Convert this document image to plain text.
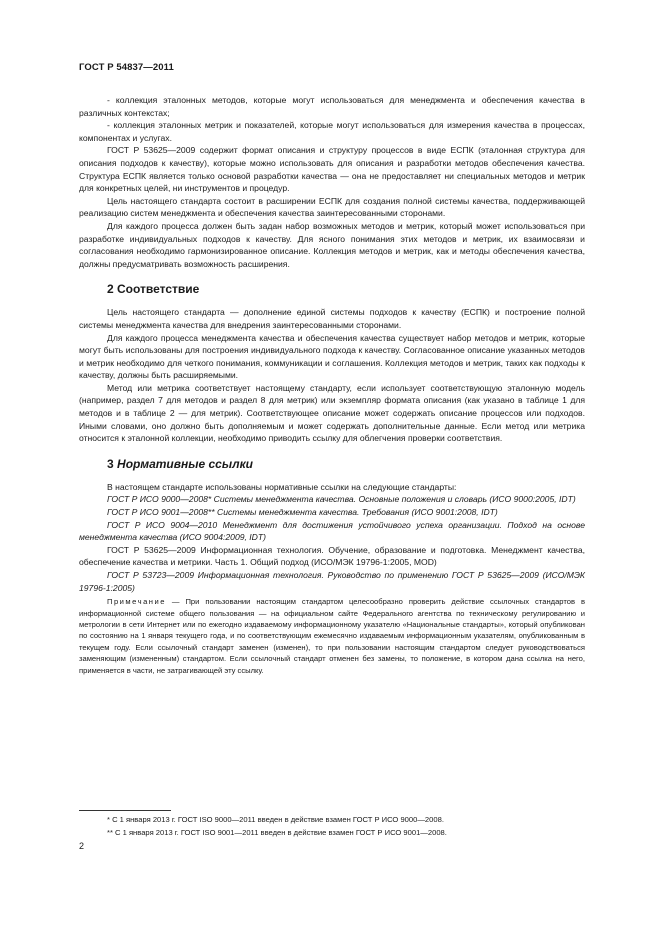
ГОСТ Р 54837—2011

- коллекция эталонных методов, которые могут использоваться для менеджмента и обеспечения качества в различных контекстах;

- коллекция эталонных метрик и показателей, которые могут использоваться для измерения качества в процессах, компонентах и услугах.

ГОСТ Р 53625—2009 содержит формат описания и структуру процессов в виде ЕСПК (эталонная структура для описания подходов к качеству), которые можно использовать для описания и разработки методов обеспечения качества. Структура ЕСПК является только основой разработки качества — она не предоставляет ни специальных методов и метрик для конкретных целей, ни инструментов и процедур.

Цель настоящего стандарта состоит в расширении ЕСПК для создания полной системы качества, поддерживающей реализацию систем менеджмента и обеспечения качества заинтересованными сторонами.

Для каждого процесса должен быть задан набор возможных методов и метрик, который может использоваться при разработке индивидуальных подходов к качеству. Для ясного понимания этих методов и метрик, их взаимосвязи и согласования необходимо гармонизированное описание. Коллекция методов и метрик, как и методы обеспечения качества, должны предусматривать возможность расширения.

2 Соответствие

Цель настоящего стандарта — дополнение единой системы подходов к качеству (ЕСПК) и построение полной системы менеджмента качества для внедрения заинтересованными сторонами.

Для каждого процесса менеджмента качества и обеспечения качества существует набор методов и метрик, которые могут быть использованы для построения индивидуального подхода к качеству. Согласованное описание указанных методов и метрик необходимо для четкого понимания, коммуникации и соглашения. Коллекция методов и метрик, таких как подходы к качеству, должны быть расширяемыми.

Метод или метрика соответствует настоящему стандарту, если использует соответствующую эталонную модель (например, раздел 7 для методов и раздел 8 для метрик) или экземпляр формата описания (как указано в таблице 1 для методов и в таблице 2 — для метрик). Соответствующее описание может содержать описание процессов или подходов. Иными словами, оно должно быть дополняемым и может содержать дополнительные данные. Если метод или метрика относится к эталонной коллекции, необходимо приводить ссылку для облегчения проверки соответствия.

3 Нормативные ссылки

В настоящем стандарте использованы нормативные ссылки на следующие стандарты:

ГОСТ Р ИСО 9000—2008* Системы менеджмента качества. Основные положения и словарь (ИСО 9000:2005, IDT)

ГОСТ Р ИСО 9001—2008** Системы менеджмента качества. Требования (ИСО 9001:2008, IDT)

ГОСТ Р ИСО 9004—2010 Менеджмент для достижения устойчивого успеха организации. Подход на основе менеджмента качества (ИСО 9004:2009, IDT)

ГОСТ Р 53625—2009 Информационная технология. Обучение, образование и подготовка. Менеджмент качества, обеспечение качества и метрики. Часть 1. Общий подход (ИСО/МЭК 19796-1:2005, MOD)

ГОСТ Р 53723—2009 Информационная технология. Руководство по применению ГОСТ Р 53625—2009 (ИСО/МЭК 19796-1:2005)

Примечание — При пользовании настоящим стандартом целесообразно проверить действие ссылочных стандартов в информационной системе общего пользования — на официальном сайте Федерального агентства по техническому регулированию и метрологии в сети Интернет или по ежегодно издаваемому информационному указателю «Национальные стандарты», который опубликован по состоянию на 1 января текущего года, и по соответствующим ежемесячно издаваемым информационным указателям, опубликованным в текущем году. Если ссылочный стандарт заменен (изменен), то при пользовании настоящим стандартом следует руководствоваться заменяющим (измененным) стандартом. Если ссылочный стандарт отменен без замены, то положение, в котором дана ссылка на него, применяется в части, не затрагивающей эту ссылку.

* С 1 января 2013 г. ГОСТ ISO 9000—2011 введен в действие взамен ГОСТ Р ИСО 9000—2008.
** С 1 января 2013 г. ГОСТ ISO 9001—2011 введен в действие взамен ГОСТ Р ИСО 9001—2008.
2
